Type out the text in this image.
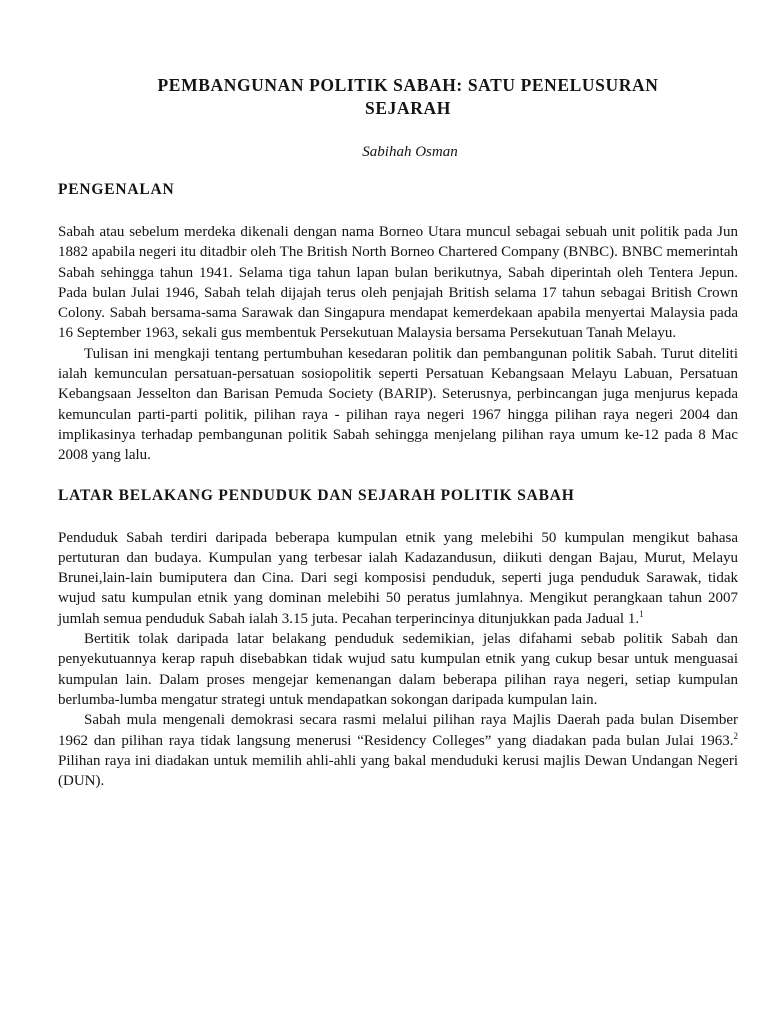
PEMBANGUNAN POLITIK SABAH: SATU PENELUSURAN
SEJARAH
Sabihah Osman
PENGENALAN

Sabah atau sebelum merdeka dikenali dengan nama Borneo Utara muncul sebagai sebuah unit politik pada Jun 1882 apabila negeri itu ditadbir oleh The British North Borneo Chartered Company (BNBC). BNBC memerintah Sabah sehingga tahun 1941. Selama tiga tahun lapan bulan berikutnya, Sabah diperintah oleh Tentera Jepun. Pada bulan Julai 1946, Sabah telah dijajah terus oleh penjajah British selama 17 tahun sebagai British Crown Colony. Sabah bersama-sama Sarawak dan Singapura mendapat kemerdekaan apabila menyertai Malaysia pada 16 September 1963, sekali gus membentuk Persekutuan Malaysia bersama Persekutuan Tanah Melayu.

Tulisan ini mengkaji tentang pertumbuhan kesedaran politik dan pembangunan politik Sabah. Turut diteliti ialah kemunculan persatuan-persatuan sosiopolitik seperti Persatuan Kebangsaan Melayu Labuan, Persatuan Kebangsaan Jesselton dan Barisan Pemuda Society (BARIP). Seterusnya, perbincangan juga menjurus kepada kemunculan parti-parti politik, pilihan raya - pilihan raya negeri 1967 hingga pilihan raya negeri 2004 dan implikasinya terhadap pembangunan politik Sabah sehingga menjelang pilihan raya umum ke-12 pada 8 Mac 2008 yang lalu.

LATAR BELAKANG PENDUDUK DAN SEJARAH POLITIK SABAH

Penduduk Sabah terdiri daripada beberapa kumpulan etnik yang melebihi 50 kumpulan mengikut bahasa pertuturan dan budaya. Kumpulan yang terbesar ialah Kadazandusun, diikuti dengan Bajau, Murut, Melayu Brunei,lain-lain bumiputera dan Cina. Dari segi komposisi penduduk, seperti juga penduduk Sarawak, tidak wujud satu kumpulan etnik yang dominan melebihi 50 peratus jumlahnya. Mengikut perangkaan tahun 2007 jumlah semua penduduk Sabah ialah 3.15 juta. Pecahan terperincinya ditunjukkan pada Jadual 1.$^1$

Bertitik tolak daripada latar belakang penduduk sedemikian, jelas difahami sebab politik Sabah dan penyekutuannya kerap rapuh disebabkan tidak wujud satu kumpulan etnik yang cukup besar untuk menguasai kumpulan lain. Dalam proses mengejar kemenangan dalam beberapa pilihan raya negeri, setiap kumpulan berlumba-lumba mengatur strategi untuk mendapatkan sokongan daripada kumpulan lain.

Sabah mula mengenali demokrasi secara rasmi melalui pilihan raya Majlis Daerah pada bulan Disember 1962 dan pilihan raya tidak langsung menerusi “Residency Colleges” yang diadakan pada bulan Julai 1963.$^2$ Pilihan raya ini diadakan untuk memilih ahli-ahli yang bakal menduduki kerusi majlis Dewan Undangan Negeri (DUN).
